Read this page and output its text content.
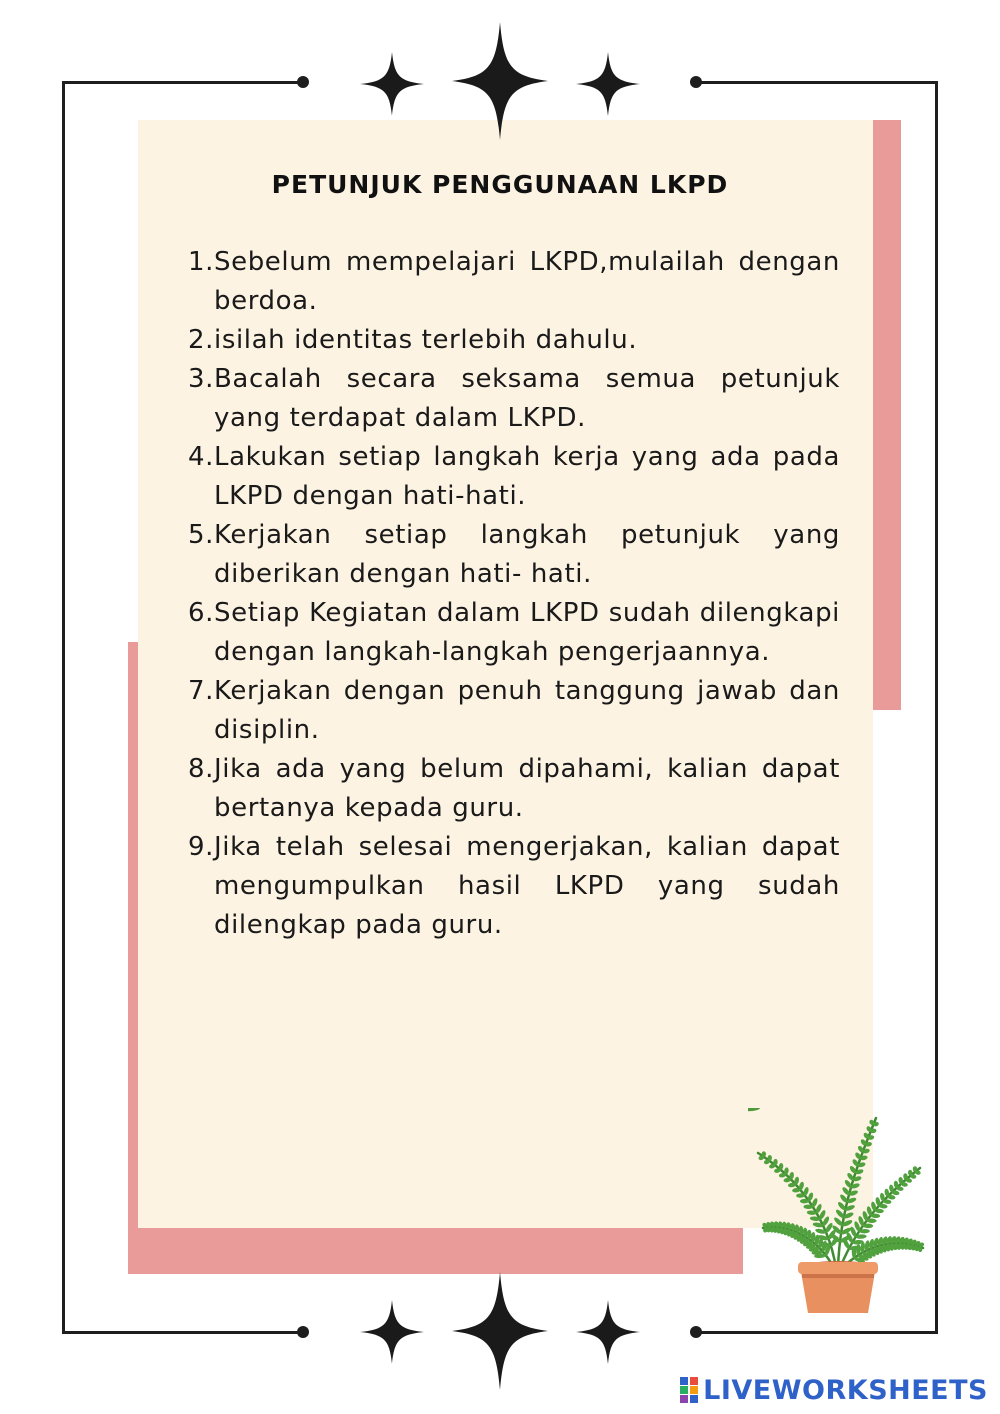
PETUNJUK PENGGUNAAN LKPD
1. Sebelum mempelajari LKPD,mulailah dengan berdoa.
2. isilah identitas terlebih dahulu.
3. Bacalah secara seksama semua petunjuk yang terdapat dalam LKPD.
4. Lakukan setiap langkah kerja yang ada pada LKPD dengan hati-hati.
5. Kerjakan setiap langkah petunjuk yang diberikan dengan hati- hati.
6. Setiap Kegiatan dalam LKPD sudah dilengkapi dengan langkah-langkah pengerjaannya.
7. Kerjakan dengan penuh tanggung jawab dan disiplin.
8. Jika ada yang belum dipahami, kalian dapat bertanya kepada guru.
9. Jika telah selesai mengerjakan, kalian dapat mengumpulkan hasil LKPD yang sudah dilengkap pada guru.
LIVEWORKSHEETS
